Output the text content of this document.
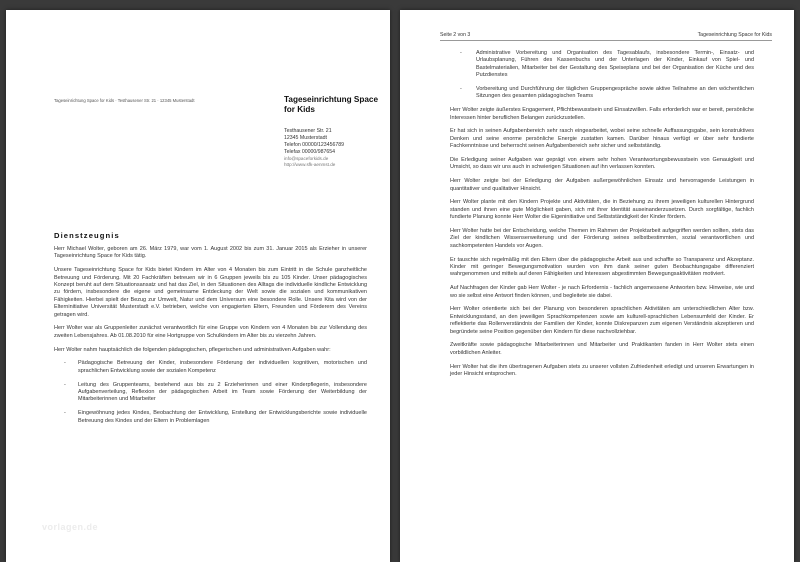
Tageseinrichtung Space for Kids · Testhausener Str. 21 · 12345 Musterstadt	Tageseinrichtung Space for Kids
Testhausener Str. 21
12345 Musterstadt
Telefon 00000/123456789
Telefax 00000/987654
info@spaceforkids.de
http://www.sfk-aenmst.de
Dienstzeugnis

Herr Michael Wolter, geboren am 26. März 1979, war vom 1. August 2002 bis zum 31. Januar 2015 als Erzieher in unserer Tageseinrichtung Space for Kids tätig.

Unsere Tageseinrichtung Space for Kids bietet Kindern im Alter von 4 Monaten bis zum Eintritt in die Schule ganzheitliche Betreuung und Förderung. Mit 20 Fachkräften betreuen wir in 6 Gruppen jeweils bis zu 105 Kinder. Unser pädagogisches Konzept beruht auf dem Situationsansatz und hat das Ziel, in den Situationen des Alltags die individuelle kindliche Entwicklung zu fördern, insbesondere die eigene und gemeinsame Entdeckung der Welt sowie die sozialen und kommunikativen Fähigkeiten. Hierbei spielt der Bezug zur Umwelt, Natur und dem Universum eine besondere Rolle. Unsere Kita wird von der Elterninitiative Universität Musterstadt e.V. betrieben, welche von engagierten Eltern, Freunden und Förderern des Vereins getragen wird.

Herr Wolter war als Gruppenleiter zunächst verantwortlich für eine Gruppe von Kindern von 4 Monaten bis zur Vollendung des zweiten Lebensjahres. Ab 01.08.2010 für eine Hortgruppe von Schulkindern im Alter bis zu vierzehn Jahren.

Herr Wolter nahm hauptsächlich die folgenden pädagogischen, pflegerischen und administrativen Aufgaben wahr:

- Pädagogische Betreuung der Kinder, insbesondere Förderung der individuellen kognitiven, motorischen und sprachlichen Entwicklung sowie der sozialen Kompetenz
- Leitung des Gruppenteams, bestehend aus bis zu 2 Erzieherinnen und einer Kinderpflegerin, insbesondere Aufgabenverteilung, Reflexion der pädagogischen Arbeit im Team sowie Förderung der Weiterbildung der Mitarbeiterinnen und Mitarbeiter
- Eingewöhnung jedes Kindes, Beobachtung der Entwicklung, Erstellung der Entwicklungsberichte sowie individuelle Betreuung des Kindes und der Eltern in Problemlagen
vorlagen.de
Seite 2 von 3	Tageseinrichtung Space for Kids
-	Administrative Vorbereitung und Organisation des Tagesablaufs, insbesondere Termin-, Einsatz- und Urlaubsplanung, Führen des Kassenbuchs und der Unterlagen der Kinder, Einkauf von Spiel- und Bastelmaterialien, Mitarbeiter bei der Gestaltung des Speiseplans und bei der Organisation der Küche und des Putzdienstes
-	Vorbereitung und Durchführung der täglichen Gruppengespräche sowie aktive Teilnahme an den wöchentlichen Sitzungen des gesamten pädagogischen Teams

Herr Wolter zeigte äußerstes Engagement, Pflichtbewusstsein und Einsatzwillen. Falls erforderlich war er bereit, persönliche Interessen hinter beruflichen Belangen zurückzustellen.

Er hat sich in seinen Aufgabenbereich sehr rasch eingearbeitet, wobei seine schnelle Auffassungsgabe, sein konstruktives Denken und seine enorme persönliche Energie zustatten kamen. Darüber hinaus verfügt er über sehr fundierte Fachkenntnisse und beherrscht seinen Aufgabenbereich sehr sicher und selbstständig.

Die Erledigung seiner Aufgaben war geprägt von einem sehr hohen Verantwortungsbewusstsein von Genauigkeit und Umsicht, so dass wir uns auch in schwierigen Situationen auf ihn verlassen konnten.

Herr Wolter zeigte bei der Erledigung der Aufgaben außergewöhnlichen Einsatz und hervorragende Leistungen in quantitativer und qualitativer Hinsicht.

Herr Wolter plante mit den Kindern Projekte und Aktivitäten, die in Beziehung zu ihrem jeweiligen kulturellen Hintergrund standen und ihnen eine gute Möglichkeit gaben, sich mit ihrer Identität auseinanderzusetzen. Durch sorgfältige, fachlich fundierte Planung konnte Herr Wolter die Eigeninitiative und Selbstständigkeit der Kinder fördern.

Herr Wolter hatte bei der Entscheidung, welche Themen im Rahmen der Projektarbeit aufgegriffen werden sollten, stets das Ziel der kindlichen Wissenserweiterung und der Förderung seines selbstbestimmten, sozial verantwortlichen und sachkompetenten Handels vor Augen.

Er tauschte sich regelmäßig mit den Eltern über die pädagogische Arbeit aus und schaffte so Transparenz und Akzeptanz. Kinder mit geringer Bewegungsmotivation wurden von ihm dank seiner guten Beobachtungsgabe differenziert wahrgenommen und mittels auf deren Fähigkeiten und Interessen abgestimmten Bewegungsaktivitäten motiviert.

Auf Nachfragen der Kinder gab Herr Wolter - je nach Erfordernis - fachlich angemessene Antworten bzw. Hinweise, wie und wo sie selbst eine Antwort finden können, und begleitete sie dabei.

Herr Wolter orientierte sich bei der Planung von besonderen sprachlichen Aktivitäten am unterschiedlichen Alter bzw. Entwicklungsstand, an den jeweiligen Sprachkompetenzen sowie am kulturell-sprachlichen Lebensumfeld der Kinder. Er reflektierte das Rollenverständnis der Familien der Kinder, konnte Diskrepanzen zum eigenen Verständnis akzeptieren und begründete seine Position gegenüber den Kindern für diese nachvollziehbar.

Zweitkräfte sowie pädagogische Mitarbeiterinnen und Mitarbeiter und Praktikanten fanden in Herr Wolter stets einen vorbildlichen Anleiter.

Herr Wolter hat die ihm übertragenen Aufgaben stets zu unserer vollsten Zufriedenheit erledigt und unseren Erwartungen in jeder Hinsicht entsprochen.
